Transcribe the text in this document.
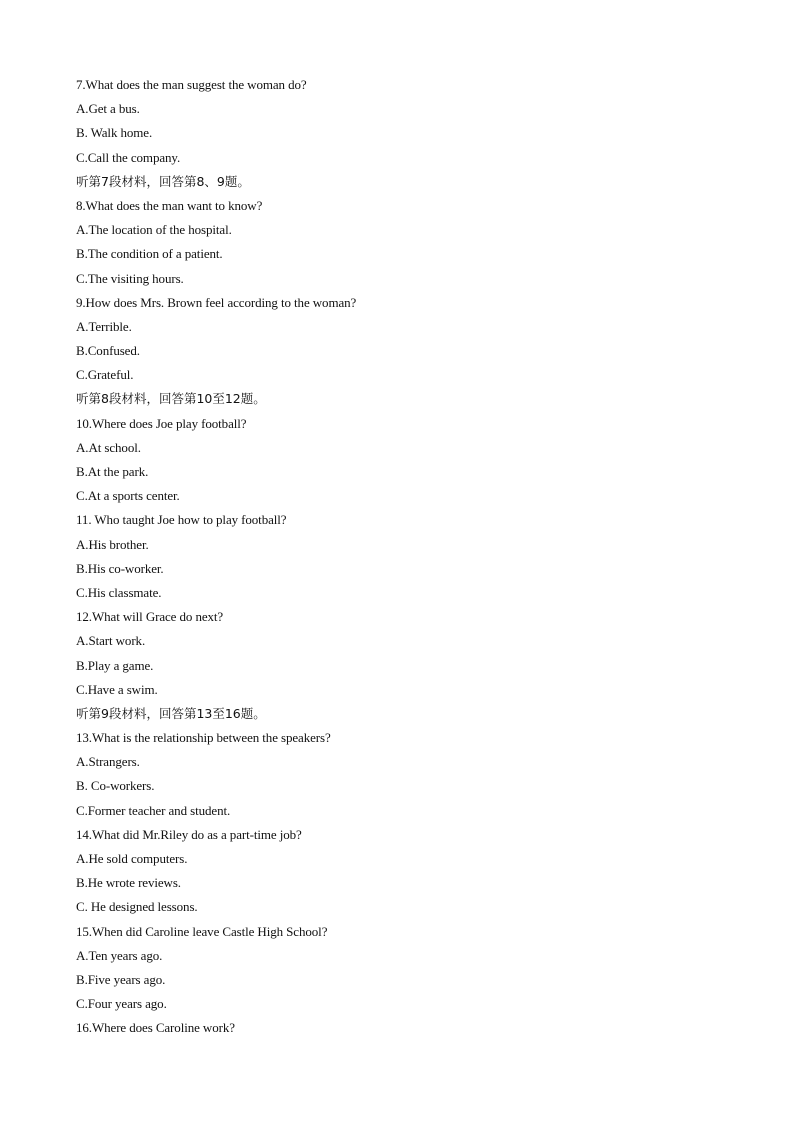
7.What does the man suggest the woman do?
A.Get a bus.
B. Walk home.
C.Call the company.
听第7段材料，回答第8、9题。
8.What does the man want to know?
A.The location of the hospital.
B.The condition of a patient.
C.The visiting hours.
9.How does Mrs. Brown feel according to the woman?
A.Terrible.
B.Confused.
C.Grateful.
听第8段材料，回答第10至12题。
10.Where does Joe play football?
A.At school.
B.At the park.
C.At a sports center.
11. Who taught Joe how to play football?
A.His brother.
B.His co-worker.
C.His classmate.
12.What will Grace do next?
A.Start work.
B.Play a game.
C.Have a swim.
听第9段材料，回答第13至16题。
13.What is the relationship between the speakers?
A.Strangers.
B. Co-workers.
C.Former teacher and student.
14.What did Mr.Riley do as a part-time job?
A.He sold computers.
B.He wrote reviews.
C. He designed lessons.
15.When did Caroline leave Castle High School?
A.Ten years ago.
B.Five years ago.
C.Four years ago.
16.Where does Caroline work?
